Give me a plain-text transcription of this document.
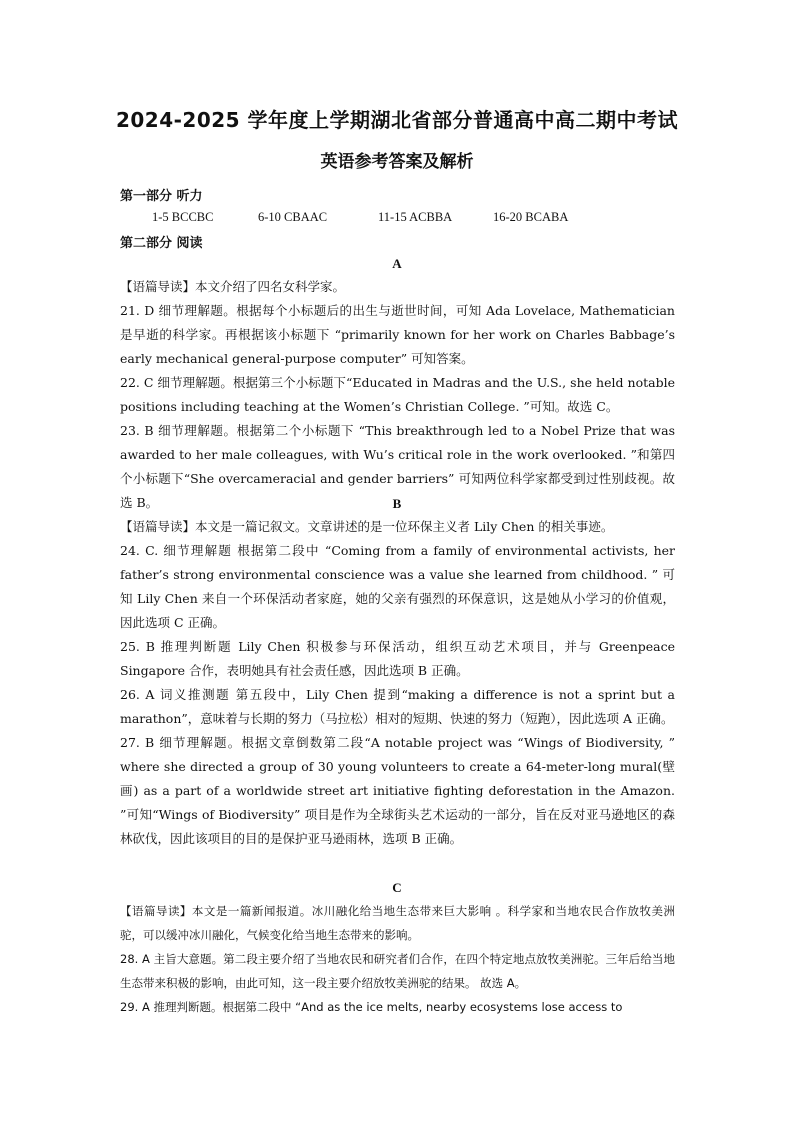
2024-2025 学年度上学期湖北省部分普通高中高二期中考试
英语参考答案及解析
第一部分 听力
1-5 BCCBC	6-10 CBAAC	11-15 ACBBA	16-20 BCABA
第二部分 阅读
A

【语篇导读】本文介绍了四名女科学家。

21. D 细节理解题。根据每个小标题后的出生与逝世时间，可知 Ada Lovelace, Mathematician 是早逝的科学家。再根据该小标题下 “primarily known for her work on Charles Babbage’s early mechanical general-purpose computer” 可知答案。

22. C 细节理解题。根据第三个小标题下“Educated in Madras and the U.S., she held notable positions including teaching at the Women’s Christian College. ”可知。故选 C。

23. B 细节理解题。根据第二个小标题下 “This breakthrough led to a Nobel Prize that was awarded to her male colleagues, with Wu’s critical role in the work overlooked. ”和第四个小标题下“She overcameracial and gender barriers” 可知两位科学家都受到过性别歧视。故选 B。	B

【语篇导读】本文是一篇记叙文。文章讲述的是一位环保主义者 Lily Chen 的相关事迹。

24. C. 细节理解题 根据第二段中 “Coming from a family of environmental activists, her father’s strong environmental conscience was a value she learned from childhood. ” 可知 Lily Chen 来自一个环保活动者家庭，她的父亲有强烈的环保意识，这是她从小学习的价值观，因此选项 C 正确。

25. B 推理判断题 Lily Chen 积极参与环保活动，组织互动艺术项目，并与 Greenpeace Singapore 合作，表明她具有社会责任感，因此选项 B 正确。

26. A 词义推测题 第五段中，Lily Chen 提到“making a difference is not a sprint but a marathon”，意味着与长期的努力（马拉松）相对的短期、快速的努力（短跑），因此选项 A 正确。

27. B 细节理解题。根据文章倒数第二段“A notable project was “Wings of Biodiversity, ” where she directed a group of 30 young volunteers to create a 64-meter-long mural(壁画) as a part of a worldwide street art initiative fighting deforestation in the Amazon. ”可知“Wings of Biodiversity” 项目是作为全球街头艺术运动的一部分，旨在反对亚马逊地区的森林砍伐，因此该项目的目的是保护亚马逊雨林，选项 B 正确。

C

【语篇导读】本文是一篇新闻报道。冰川融化给当地生态带来巨大影响 。科学家和当地农民合作放牧美洲驼，可以缓冲冰川融化，气候变化给当地生态带来的影响。

28. A 主旨大意题。第二段主要介绍了当地农民和研究者们合作，在四个特定地点放牧美洲驼。三年后给当地生态带来积极的影响，由此可知，这一段主要介绍放牧美洲驼的结果。 故选 A。

29. A 推理判断题。根据第二段中 “And as the ice melts, nearby ecosystems lose access to
